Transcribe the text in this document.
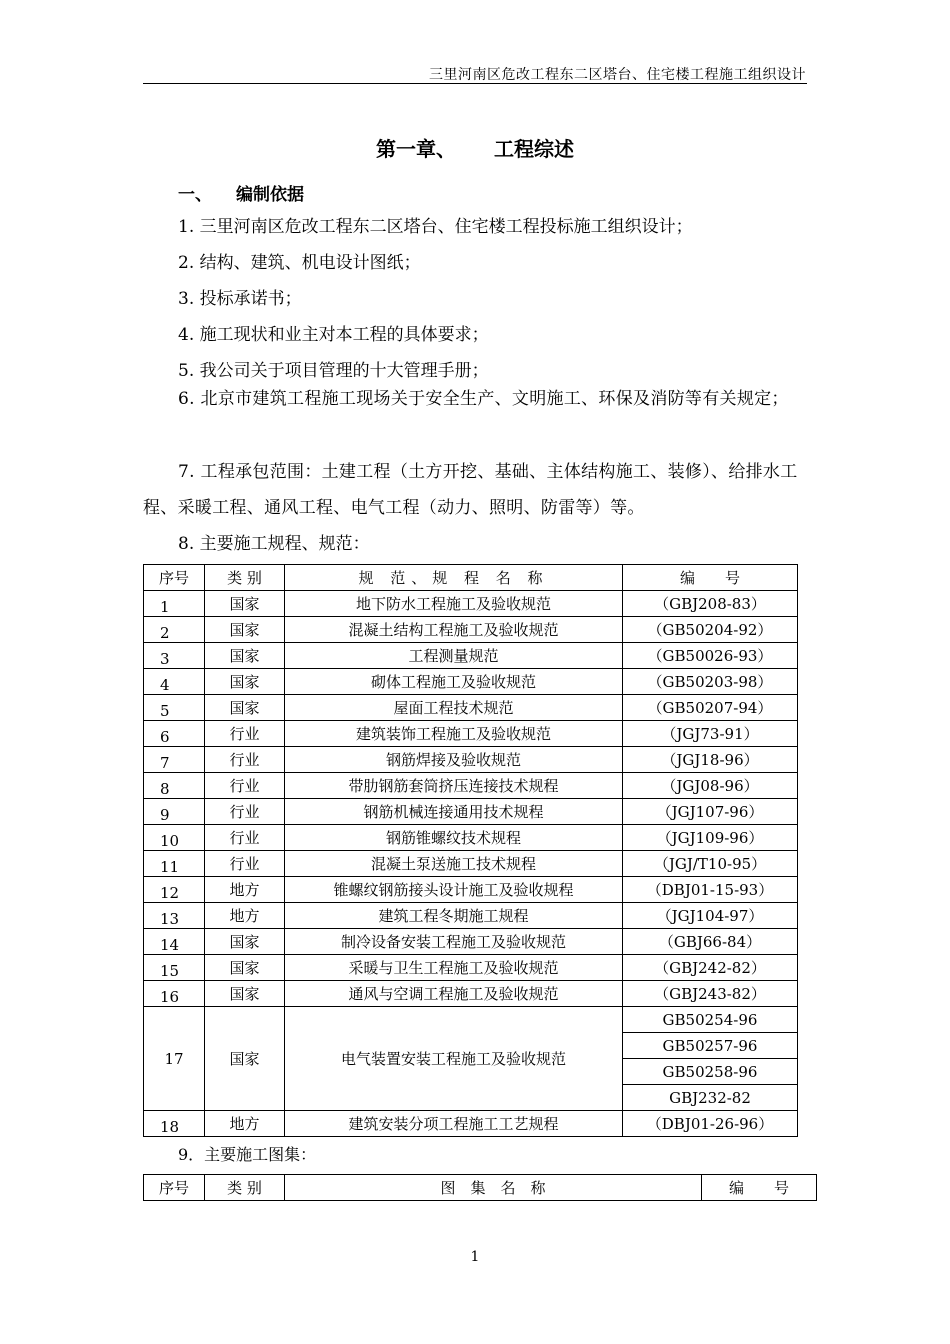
三里河南区危改工程东二区塔台、住宅楼工程施工组织设计
第一章、 工程综述
一、 编制依据
1. 三里河南区危改工程东二区塔台、住宅楼工程投标施工组织设计；
2. 结构、建筑、机电设计图纸；
3. 投标承诺书；
4. 施工现状和业主对本工程的具体要求；
5. 我公司关于项目管理的十大管理手册；
6. 北京市建筑工程施工现场关于安全生产、文明施工、环保及消防等有关规定；
7. 工程承包范围：土建工程（土方开挖、基础、主体结构施工、装修）、给排水工程、采暖工程、通风工程、电气工程（动力、照明、防雷等）等。
8. 主要施工规程、规范：
序号	类 别	规 范、规 程 名 称	编　　号
1	国家	地下防水工程施工及验收规范	（GBJ208-83）
2	国家	混凝土结构工程施工及验收规范	（GB50204-92）
3	国家	工程测量规范	（GB50026-93）
4	国家	砌体工程施工及验收规范	（GB50203-98）
5	国家	屋面工程技术规范	（GB50207-94）
6	行业	建筑装饰工程施工及验收规范	（JGJ73-91）
7	行业	钢筋焊接及验收规范	（JGJ18-96）
8	行业	带肋钢筋套筒挤压连接技术规程	（JGJ08-96）
9	行业	钢筋机械连接通用技术规程	（JGJ107-96）
10	行业	钢筋锥螺纹技术规程	（JGJ109-96）
11	行业	混凝土泵送施工技术规程	（JGJ/T10-95）
12	地方	锥螺纹钢筋接头设计施工及验收规程	（DBJ01-15-93）
13	地方	建筑工程冬期施工规程	（JGJ104-97）
14	国家	制冷设备安装工程施工及验收规范	（GBJ66-84）
15	国家	采暖与卫生工程施工及验收规范	（GBJ242-82）
16	国家	通风与空调工程施工及验收规范	（GBJ243-82）
17	国家	电气装置安装工程施工及验收规范	GB50254-96
			GB50257-96
			GB50258-96
			GBJ232-82
18	地方	建筑安装分项工程施工工艺规程	（DBJ01-26-96）
9．主要施工图集：
序号	类 别	图　集　名　称	编　　号
1
